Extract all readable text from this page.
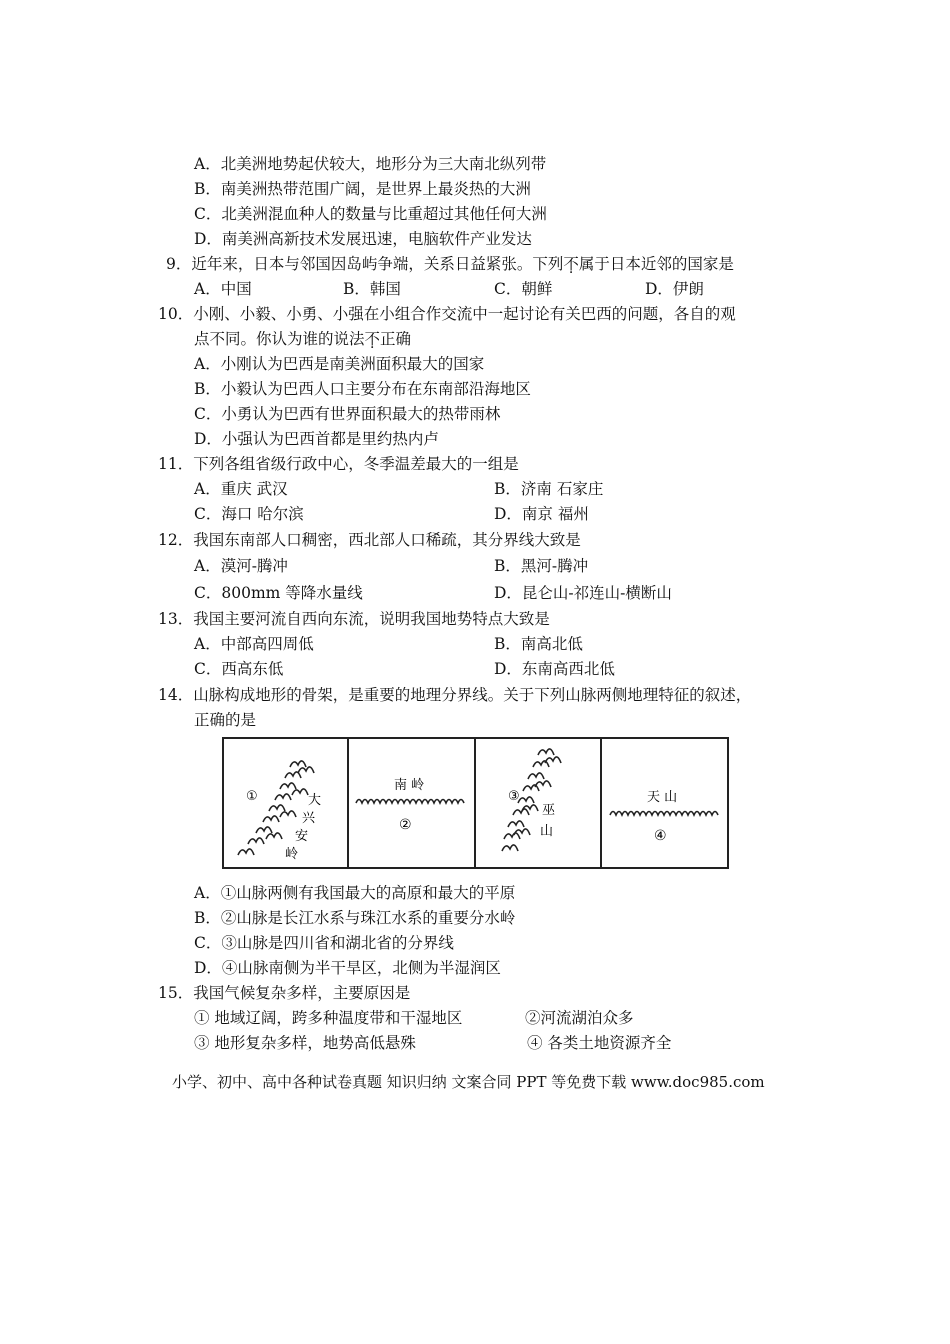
A．北美洲地势起伏较大，地形分为三大南北纵列带
B．南美洲热带范围广阔，是世界上最炎热的大洲
C．北美洲混血种人的数量与比重超过其他任何大洲
D．南美洲高新技术发展迅速，电脑软件产业发达
9．近年来，日本与邻国因岛屿争端，关系日益紧张。下列不属于日本近邻的国家是
A．中国	B．韩国	C．朝鲜	D．伊朗
10．小刚、小毅、小勇、小强在小组合作交流中一起讨论有关巴西的问题，各自的观
点不同。你认为谁的说法不正确
A．小刚认为巴西是南美洲面积最大的国家
B．小毅认为巴西人口主要分布在东南部沿海地区
C．小勇认为巴西有世界面积最大的热带雨林
D．小强认为巴西首都是里约热内卢
11．下列各组省级行政中心，冬季温差最大的一组是
A．重庆 武汉	B．济南 石家庄
C．海口 哈尔滨	D．南京 福州
12．我国东南部人口稠密，西北部人口稀疏，其分界线大致是
A．漠河-腾冲	B．黑河-腾冲
C．800mm 等降水量线	D．昆仑山-祁连山-横断山
13．我国主要河流自西向东流，说明我国地势特点大致是
A．中部高四周低	B．南高北低
C．西高东低	D．东南高西北低
14．山脉构成地形的骨架，是重要的地理分界线。关于下列山脉两侧地理特征的叙述，
正确的是
①	大
兴
安
岭
南 岭
②
③
巫
山
天 山
④
A．①山脉两侧有我国最大的高原和最大的平原
B．②山脉是长江水系与珠江水系的重要分水岭
C．③山脉是四川省和湖北省的分界线
D．④山脉南侧为半干旱区，北侧为半湿润区
15．我国气候复杂多样，主要原因是
① 地域辽阔，跨多种温度带和干湿地区	②河流湖泊众多
③ 地形复杂多样，地势高低悬殊	④ 各类土地资源齐全
小学、初中、高中各种试卷真题 知识归纳 文案合同 PPT 等免费下载 www.doc985.com
